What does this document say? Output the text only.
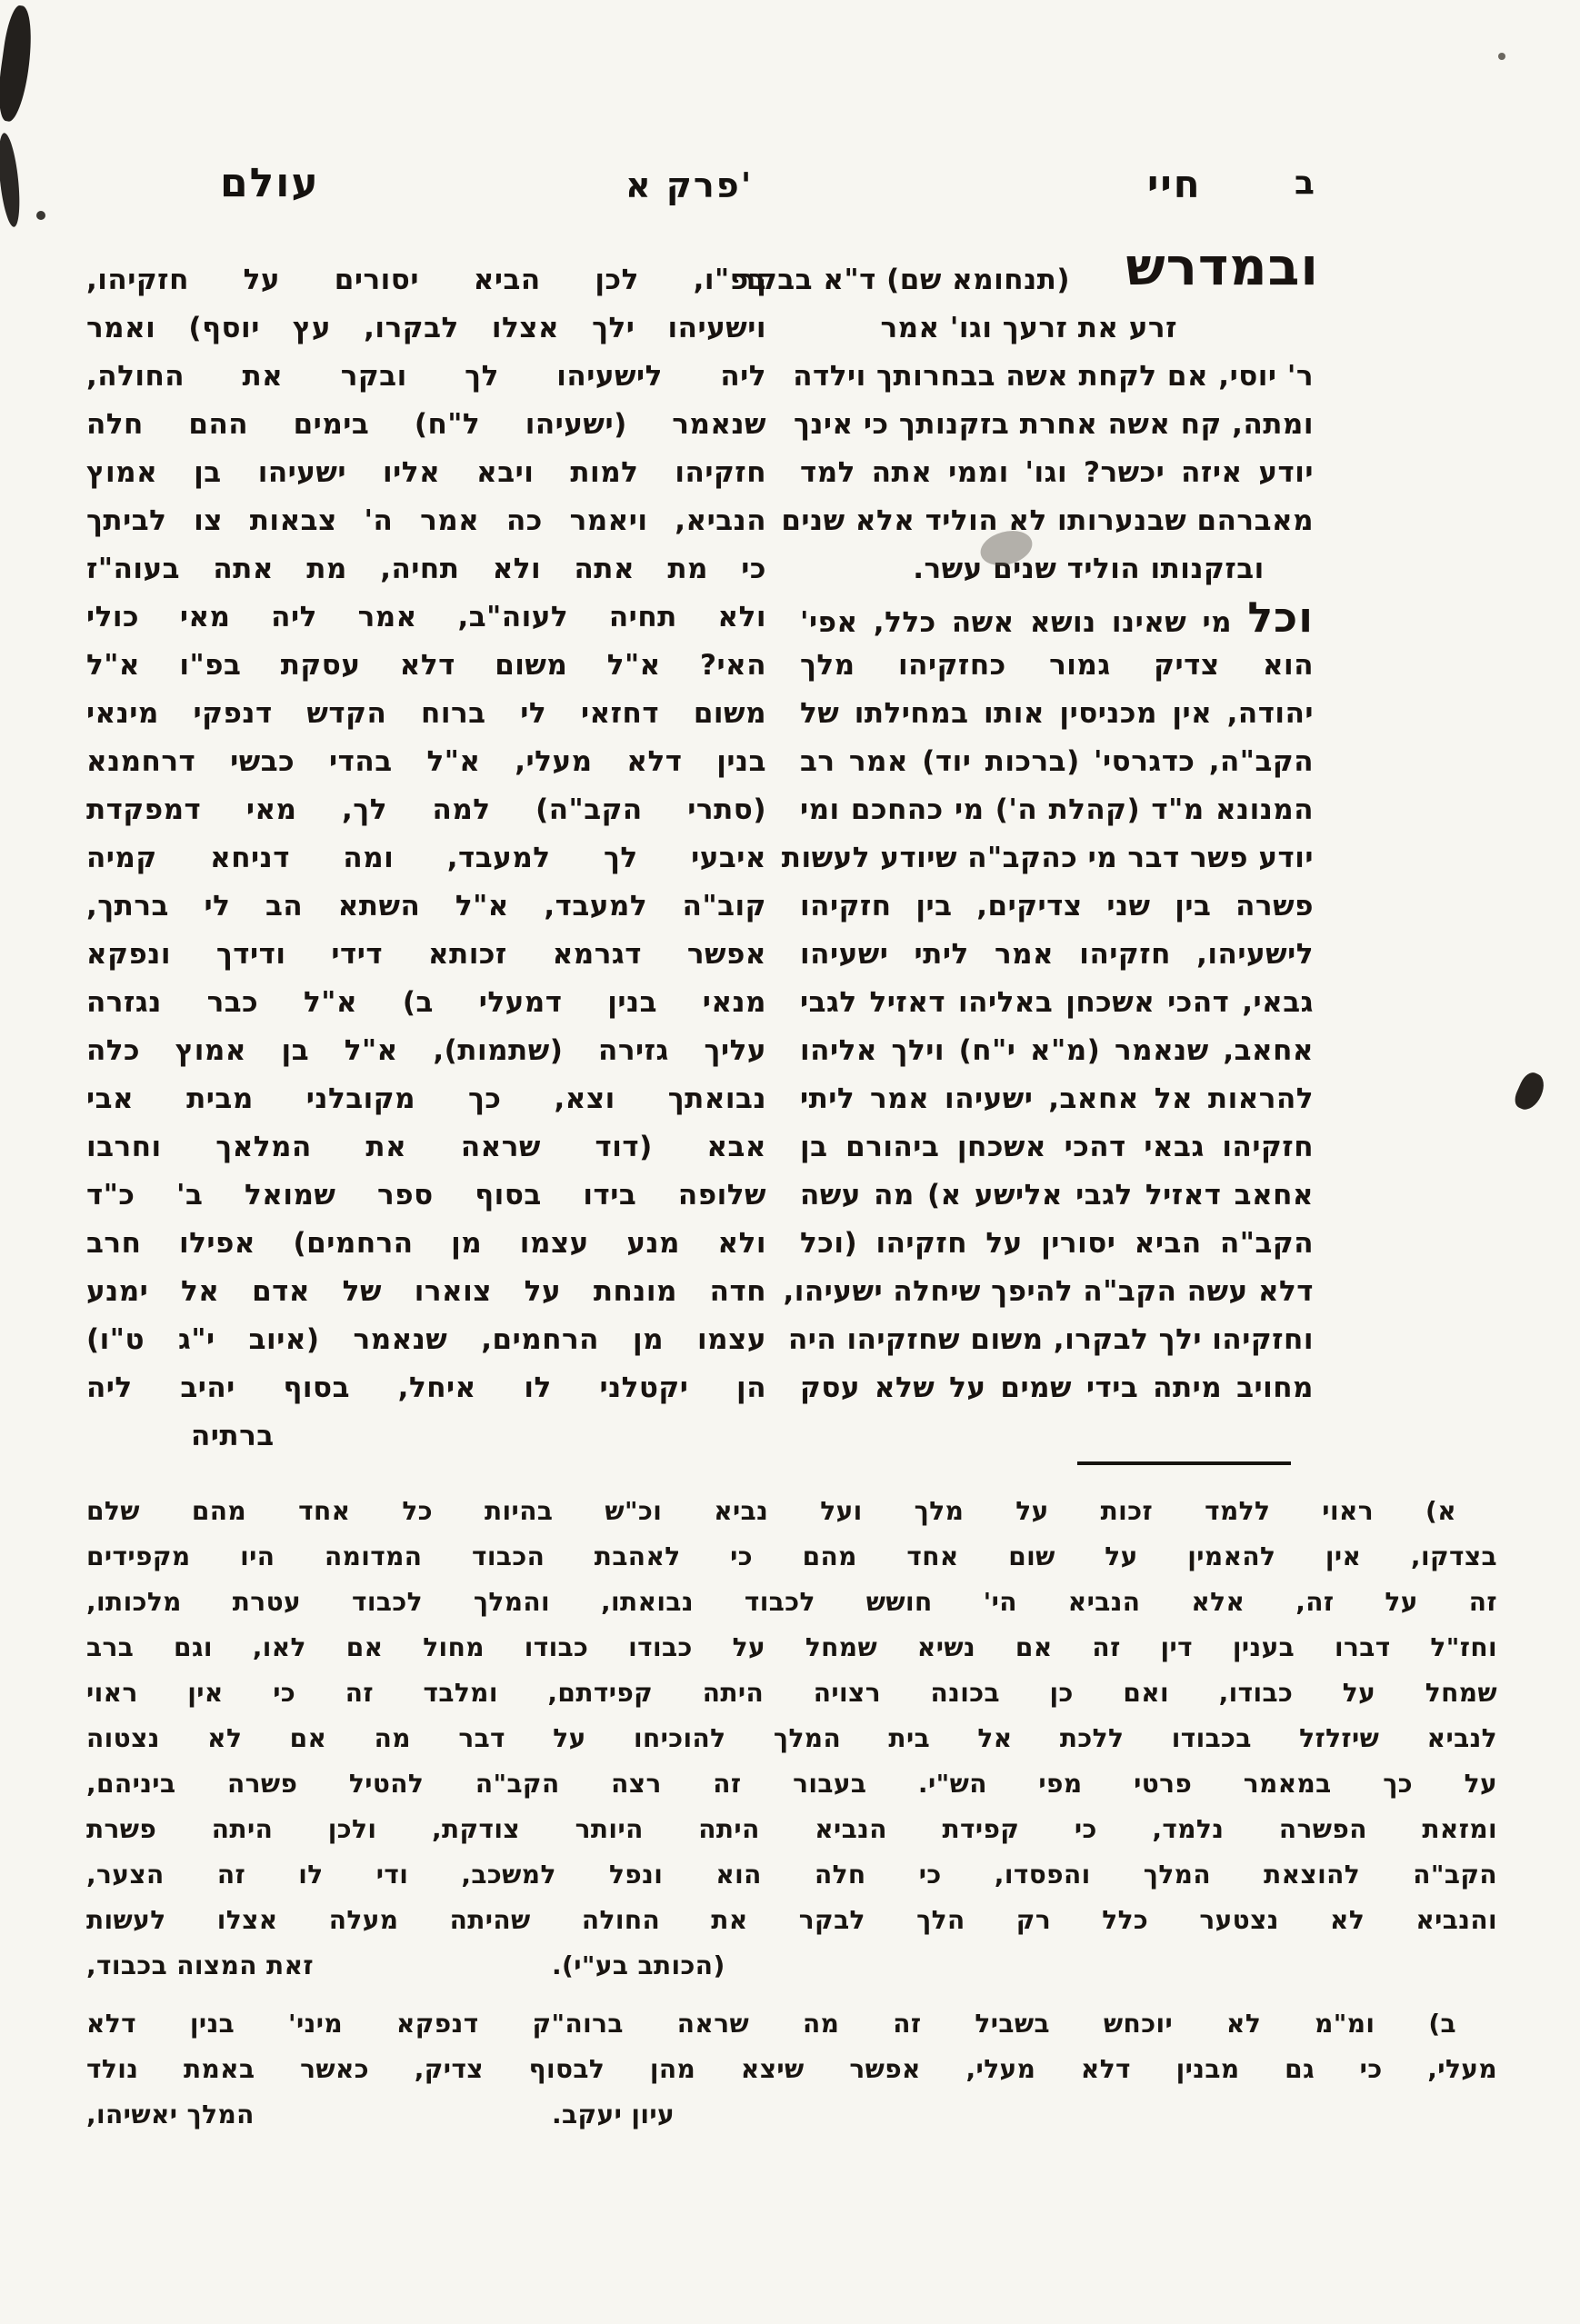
ב
חיי
פרק א'
עולם
ובמדרש
(תנחומא שם) ד"א בבקר
זרע את זרעך וגו' אמר
ר' יוסי, אם לקחת אשה בבחרותך וילדה
ומתה, קח אשה אחרת בזקנותך כי אינך
יודע איזה יכשר? וגו' וממי אתה למד
מאברהם שבנערותו לא הוליד אלא שנים
ובזקנותו הוליד שנים עשר.
וכל מי שאינו נושא אשה כלל, אפי'
הוא צדיק גמור כחזקיהו מלך
יהודה, אין מכניסין אותו במחילתו של
הקב"ה, כדגרסי' (ברכות יוד) אמר רב
המנונא מ"ד (קהלת ה') מי כהחכם ומי
יודע פשר דבר מי כהקב"ה שיודע לעשות
פשרה בין שני צדיקים, בין חזקיהו
לישעיהו, חזקיהו אמר ליתי ישעיהו
גבאי, דהכי אשכחן באליהו דאזיל לגבי
אחאב, שנאמר (מ"א י"ח) וילך אליהו
להראות אל אחאב, ישעיהו אמר ליתי
חזקיהו גבאי דהכי אשכחן ביהורם בן
אחאב דאזיל לגבי אלישע א) מה עשה
הקב"ה הביא יסורין על חזקיהו (וכל
דלא עשה הקב"ה להיפך שיחלה ישעיהו,
וחזקיהו ילך לבקרו, משום שחזקיהו היה
מחויב מיתה בידי שמים על שלא עסק
בפ"ו, לכן הביא יסורים על חזקיהו,
וישעיהו ילך אצלו לבקרו, עץ יוסף) ואמר
ליה לישעיהו לך ובקר את החולה,
שנאמר (ישעיהו ל"ח) בימים ההם חלה
חזקיהו למות ויבא אליו ישעיהו בן אמוץ
הנביא, ויאמר כה אמר ה' צבאות צו לביתך
כי מת אתה ולא תחיה, מת אתה בעוה"ז
ולא תחיה לעוה"ב, אמר ליה מאי כולי
האי? א"ל משום דלא עסקת בפ"ו א"ל
משום דחזאי לי ברוח הקדש דנפקי מינאי
בנין דלא מעלי, א"ל בהדי כבשי דרחמנא
(סתרי הקב"ה) למה לך, מאי דמפקדת
איבעי לך למעבד, ומה דניחא קמיה
קוב"ה למעבד, א"ל השתא הב לי ברתך,
אפשר דגרמא זכותא דידי ודידך ונפקא
מנאי בנין דמעלי ב) א"ל כבר נגזרה
עליך גזירה (שתמות), א"ל בן אמוץ כלה
נבואתך וצא, כך מקובלני מבית אבי
אבא (דוד שראה את המלאך וחרבו
שלופה בידו בסוף ספר שמואל ב' כ"ד
ולא מנע עצמו מן הרחמים) אפילו חרב
חדה מונחת על צוארו של אדם אל ימנע
עצמו מן הרחמים, שנאמר (איוב י"ג ט"ו)
הן יקטלני לו איחל, בסוף יהיב ליה
ברתיה
א) ראוי ללמד זכות על מלך ועל נביא וכ"ש בהיות כל אחד מהם שלם
בצדקו, אין להאמין על שום אחד מהם כי לאהבת הכבוד המדומה היו מקפידים
זה על זה, אלא הנביא הי' חושש לכבוד נבואתו, והמלך לכבוד עטרת מלכותו,
וחז"ל דברו בענין דין זה אם נשיא שמחל על כבודו כבודו מחול אם לאו, וגם ברב
שמחל על כבודו, ואם כן בכונה רצויה היתה קפידתם, ומלבד זה כי אין ראוי
לנביא שיזלזל בכבודו ללכת אל בית המלך להוכיחו על דבר מה אם לא נצטוה
על כך במאמר פרטי מפי הש"י. בעבור זה רצה הקב"ה להטיל פשרה ביניהם,
ומזאת הפשרה נלמד, כי קפידת הנביא היתה היותר צודקת, ולכן היתה פשרת
הקב"ה להוצאת המלך והפסדו, כי חלה הוא ונפל למשכב, ודי לו זה הצער,
והנביא לא נצטער כלל רק הלך לבקר את החולה שהיתה מעלה אצלו לעשות
זאת המצוה בכבוד,	(הכותב בע"י).
ב) ומ"מ לא יוכחש בשביל זה מה שראה ברוה"ק דנפקא מיני' בנין דלא
מעלי, כי גם מבנין דלא מעלי, אפשר שיצא מהן לבסוף צדיק, כאשר באמת נולד
המלך יאשיהו,	עיון יעקב.
